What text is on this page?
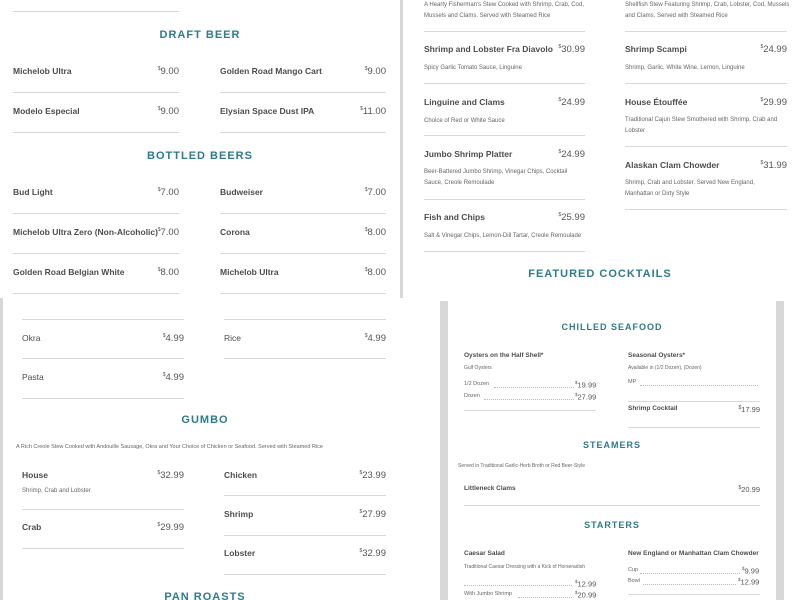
DRAFT BEER
Michelob Ultra	$9.00	Golden Road Mango Cart	$9.00
Modelo Especial	$9.00	Elysian Space Dust IPA	$11.00
BOTTLED BEERS
Bud Light	$7.00	Budweiser	$7.00
Michelob Ultra Zero (Non-Alcoholic) $7.00	Corona	$8.00
Golden Road Belgian White	$8.00	Michelob Ultra	$8.00
A Hearty Fisherman's Stew Cooked with Shrimp, Crab, Cod, Mussels and Clams. Served with Steamed Rice
Shrimp and Lobster Fra Diavolo $30.99
Spicy Garlic Tomato Sauce, Linguine
Linguine and Clams	$24.99
Choice of Red or White Sauce
Jumbo Shrimp Platter	$24.99
Beer-Battered Jumbo Shrimp, Vinegar Chips, Cocktail Sauce, Creole Remoulade
Fish and Chips	$25.99
Salt & Vinegar Chips, Lemon-Dill Tartar, Creole Remoulade
Shellfish Stew Featuring Shrimp, Crab, Lobster, Cod, Mussels and Clams. Served with Steamed Rice
Shrimp Scampi	$24.99
Shrimp, Garlic, White Wine, Lemon, Linguine
House Étouffée	$29.99
Traditional Cajun Stew Smothered with Shrimp, Crab and Lobster
Alaskan Clam Chowder	$31.99
Shrimp, Crab and Lobster. Served New England, Manhattan or Dirty Style
FEATURED COCKTAILS
Okra	$4.99	Rice	$4.99
Pasta	$4.99
GUMBO
A Rich Creole Stew Cooked with Andouille Sausage, Okra and Your Choice of Chicken or Seafood. Served with Steamed Rice
House	$32.99
Shrimp, Crab and Lobster
Chicken	$23.99
Crab	$29.99
Shrimp	$27.99
Lobster	$32.99
PAN ROASTS
CHILLED SEAFOOD
Oysters on the Half Shell*
Gulf Oysters
1/2 Dozen	$19.99
Dozen	$27.99
Seasonal Oysters*
Available in (1/2 Dozen), (Dozen)
MP
Shrimp Cocktail	$17.99
STEAMERS
Served in Traditional Garlic-Herb Broth or Red Beer-Style
Littleneck Clams	$20.99
STARTERS
Caesar Salad
Traditional Caesar Dressing with a Kick of Horseradish
$12.99
With Jumbo Shrimp	$20.99
New England or Manhattan Clam Chowder
Cup	$9.99
Bowl	$12.99
